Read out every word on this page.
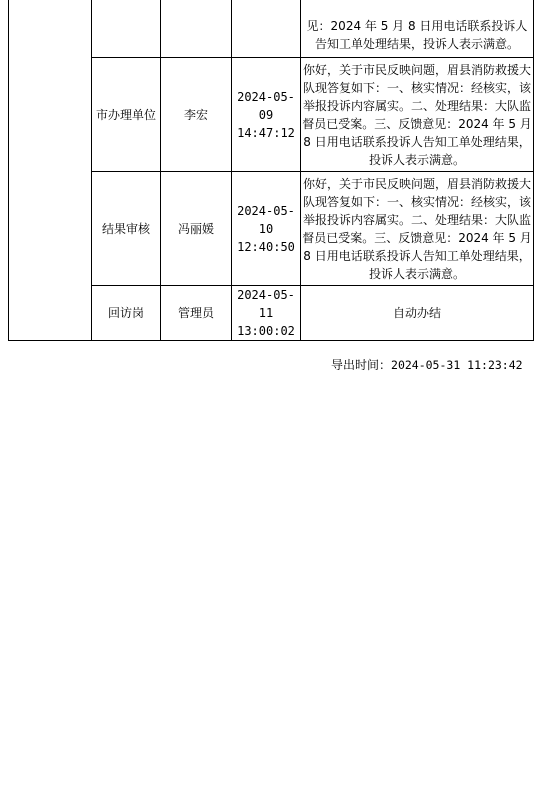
				见：2024 年 5 月 8 日用电话联系投诉人告知工单处理结果，投诉人表示满意。
	市办理单位	李宏	2024-05-09 14:47:12	你好，关于市民反映问题，眉县消防救援大队现答复如下：一、核实情况：经核实，该举报投诉内容属实。二、处理结果：大队监督员已受案。三、反馈意见：2024 年 5 月 8 日用电话联系投诉人告知工单处理结果，投诉人表示满意。
	结果审核	冯丽媛	2024-05-10 12:40:50	你好，关于市民反映问题，眉县消防救援大队现答复如下：一、核实情况：经核实，该举报投诉内容属实。二、处理结果：大队监督员已受案。三、反馈意见：2024 年 5 月 8 日用电话联系投诉人告知工单处理结果，投诉人表示满意。
	回访岗	管理员	2024-05-11 13:00:02	自动办结
导出时间：2024-05-31 11:23:42
